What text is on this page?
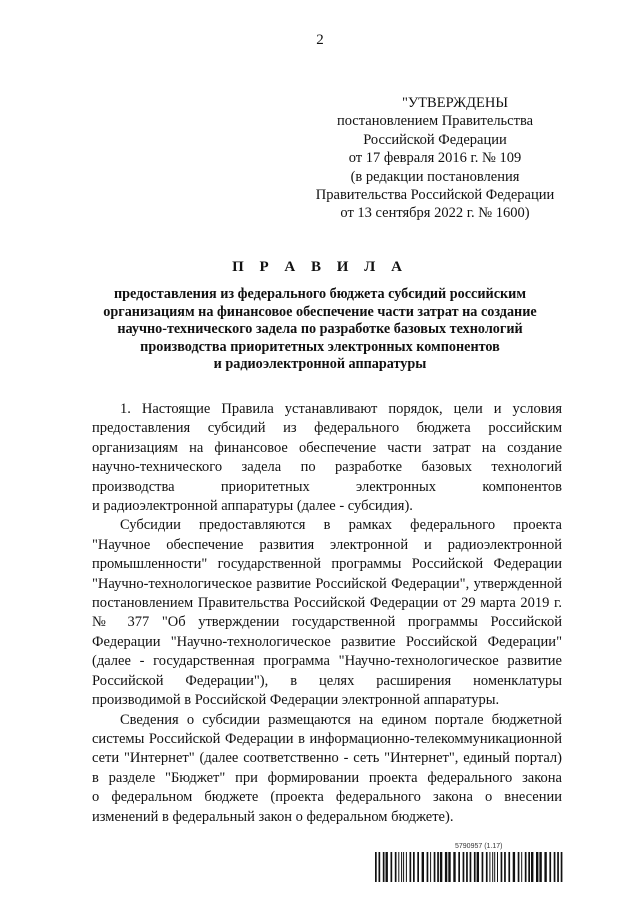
2
"УТВЕРЖДЕНЫ
постановлением Правительства
Российской Федерации
от 17 февраля 2016 г. № 109
(в редакции постановления
Правительства Российской Федерации
от 13 сентября 2022 г. № 1600)
П Р А В И Л А
предоставления из федерального бюджета субсидий российским
организациям на финансовое обеспечение части затрат на создание
научно-технического задела по разработке базовых технологий
производства приоритетных электронных компонентов
и радиоэлектронной аппаратуры
1. Настоящие Правила устанавливают порядок, цели и условия
предоставления субсидий из федерального бюджета российским
организациям на финансовое обеспечение части затрат на создание
научно-технического задела по разработке базовых технологий
производства приоритетных электронных компонентов
и радиоэлектронной аппаратуры (далее - субсидия).
Субсидии предоставляются в рамках федерального проекта
"Научное обеспечение развития электронной и радиоэлектронной
промышленности" государственной программы Российской Федерации
"Научно-технологическое развитие Российской Федерации", утвержденной
постановлением Правительства Российской Федерации от 29 марта 2019 г.
№ 377 "Об утверждении государственной программы Российской
Федерации "Научно-технологическое развитие Российской Федерации"
(далее - государственная программа "Научно-технологическое развитие
Российской Федерации"), в целях расширения номенклатуры
производимой в Российской Федерации электронной аппаратуры.
Сведения о субсидии размещаются на едином портале бюджетной
системы Российской Федерации в информационно-телекоммуникационной
сети "Интернет" (далее соответственно - сеть "Интернет", единый портал)
в разделе "Бюджет" при формировании проекта федерального закона
о федеральном бюджете (проекта федерального закона о внесении
изменений в федеральный закон о федеральном бюджете).
5790957 (1.17)
